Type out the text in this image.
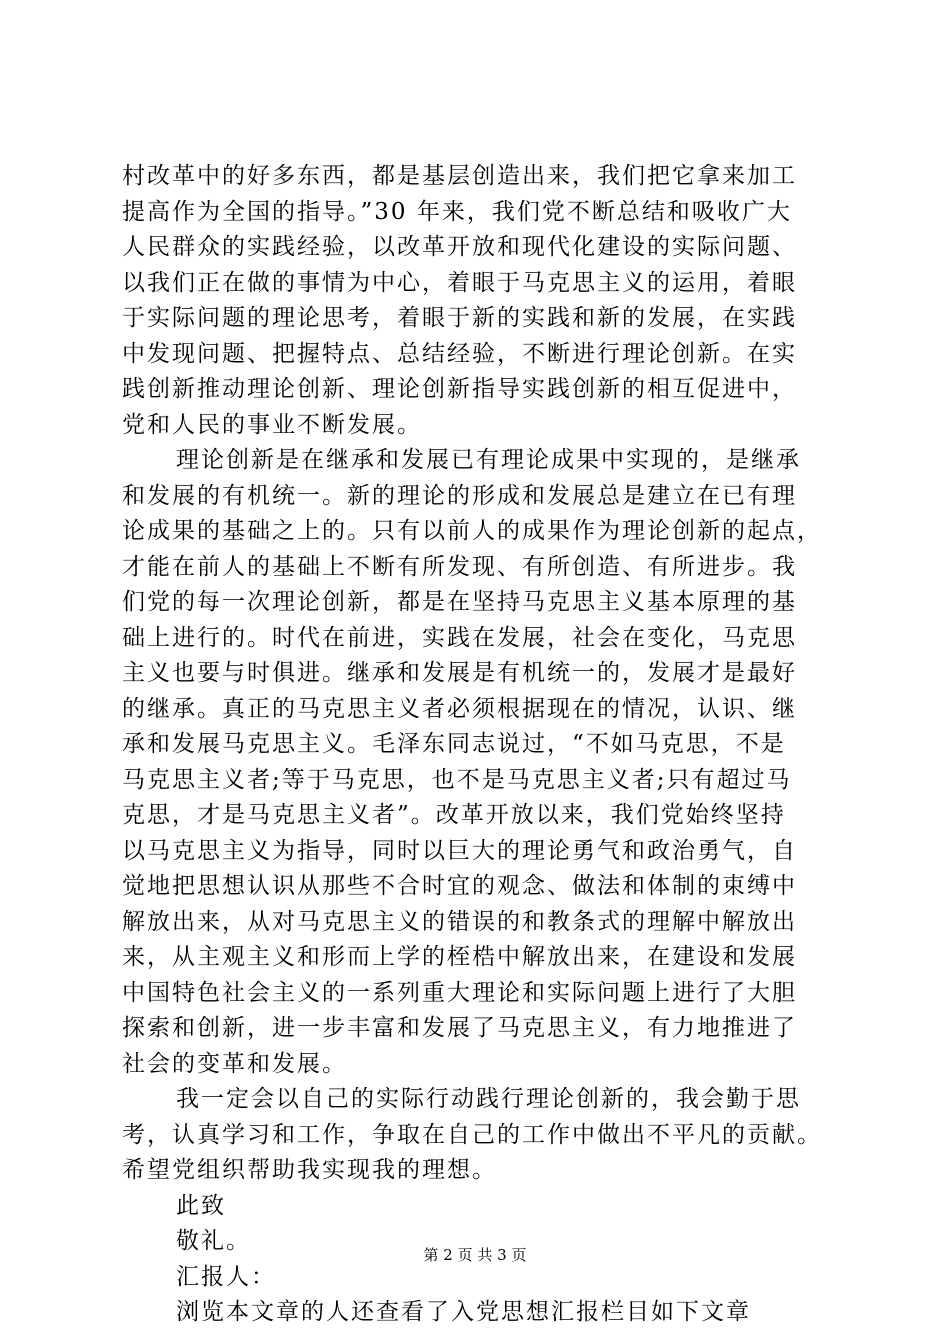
村改革中的好多东西，都是基层创造出来，我们把它拿来加工
提高作为全国的指导。”30 年来，我们党不断总结和吸收广大
人民群众的实践经验，以改革开放和现代化建设的实际问题、
以我们正在做的事情为中心，着眼于马克思主义的运用，着眼
于实际问题的理论思考，着眼于新的实践和新的发展，在实践
中发现问题、把握特点、总结经验，不断进行理论创新。在实
践创新推动理论创新、理论创新指导实践创新的相互促进中，
党和人民的事业不断发展。
理论创新是在继承和发展已有理论成果中实现的，是继承
和发展的有机统一。新的理论的形成和发展总是建立在已有理
论成果的基础之上的。只有以前人的成果作为理论创新的起点，
才能在前人的基础上不断有所发现、有所创造、有所进步。我
们党的每一次理论创新，都是在坚持马克思主义基本原理的基
础上进行的。时代在前进，实践在发展，社会在变化，马克思
主义也要与时俱进。继承和发展是有机统一的，发展才是最好
的继承。真正的马克思主义者必须根据现在的情况，认识、继
承和发展马克思主义。毛泽东同志说过，“不如马克思，不是
马克思主义者;等于马克思，也不是马克思主义者;只有超过马
克思，才是马克思主义者”。改革开放以来，我们党始终坚持
以马克思主义为指导，同时以巨大的理论勇气和政治勇气，自
觉地把思想认识从那些不合时宜的观念、做法和体制的束缚中
解放出来，从对马克思主义的错误的和教条式的理解中解放出
来，从主观主义和形而上学的桎梏中解放出来，在建设和发展
中国特色社会主义的一系列重大理论和实际问题上进行了大胆
探索和创新，进一步丰富和发展了马克思主义，有力地推进了
社会的变革和发展。
我一定会以自己的实际行动践行理论创新的，我会勤于思
考，认真学习和工作，争取在自己的工作中做出不平凡的贡献。
希望党组织帮助我实现我的理想。
此致
敬礼。
汇报人：
浏览本文章的人还查看了入党思想汇报栏目如下文章
第 2 页 共 3 页
